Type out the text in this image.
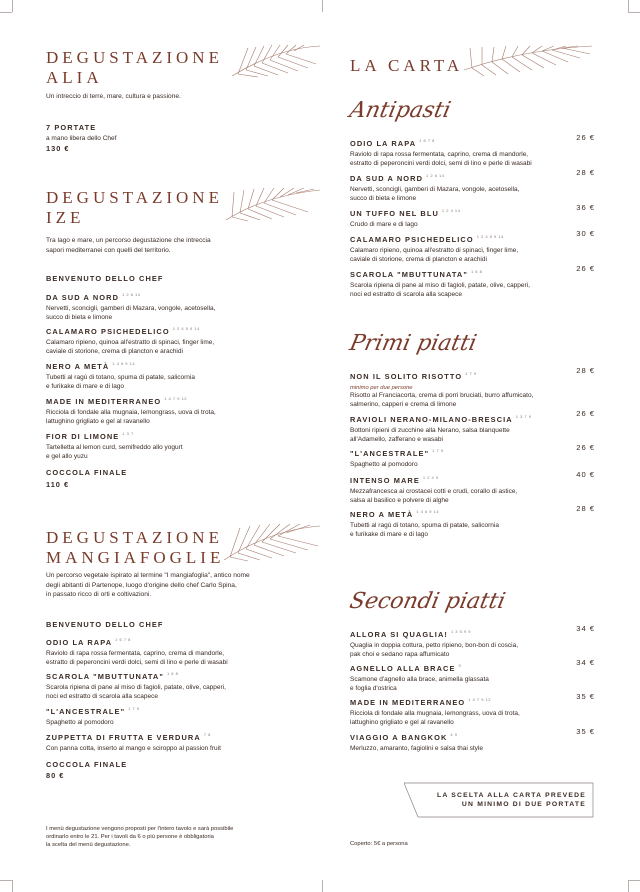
DEGUSTAZIONE
ALIA
Un intreccio di terre, mare, cultura e passione.
7 PORTATE
a mano libera dello Chef
130 €
DEGUSTAZIONE
IZE
Tra lago e mare, un percorso degustazione che intreccia
sapori mediterranei con quelli del territorio.
BENVENUTO DELLO CHEF
DA SUD A NORD $^{1 2 6 14}$
Nervetti, sconcigli, gamberi di Mazara, vongole, acetosella,
succo di bieta e limone
CALAMARO PSICHEDELICO $^{1 2 4 5 9 14}$
Calamaro ripieno, quinoa all'estratto di spinaci, finger lime,
caviale di storione, crema di plancton e arachidi
NERO A METÀ $^{1 4 6 9 14}$
Tubetti al ragù di totano, spuma di patate, salicornia
e furikake di mare e di lago
MADE IN MEDITERRANEO $^{1 4 7 9 12}$
Ricciola di fondale alla mugnaia, lemongrass, uova di trota,
lattughino grigliato e gel al ravanello
FIOR DI LIMONE $^{1 3 7}$
Tartelletta al lemon curd, semifreddo allo yogurt
e gel allo yuzu
COCCOLA FINALE
110 €
DEGUSTAZIONE
MANGIAFOGLIE
Un percorso vegetale ispirato al termine "I mangiafoglia", antico nome
degli abitanti di Partenope, luogo d'origine dello chef Carlo Spina,
in passato ricco di orti e coltivazioni.
BENVENUTO DELLO CHEF
ODIO LA RAPA $^{1 6 7 8}$
Raviolo di rapa rossa fermentata, caprino, crema di mandorle,
estratto di peperoncini verdi dolci, semi di lino e perle di wasabi
SCAROLA "MBUTTUNATA" $^{1 6 8}$
Scarola ripiena di pane al miso di fagioli, patate, olive, capperi,
noci ed estratto di scarola alla scapece
"L'ANCESTRALE" $^{1 7 9}$
Spaghetto al pomodoro
ZUPPETTA DI FRUTTA E VERDURA $^{7 8}$
Con panna cotta, inserto al mango e sciroppo al passion fruit
COCCOLA FINALE
80 €
I menù degustazione vengono proposti per l'intero tavolo e sarà possibile
ordinarlo entro le 21. Per i tavoli da 6 o più persone è obbligatoria
la scelta del menù degustazione.
LA CARTA
Antipasti
ODIO LA RAPA $^{1 6 7 8}$	26 €
Raviolo di rapa rossa fermentata, caprino, crema di mandorle,
estratto di peperoncini verdi dolci, semi di lino e perle di wasabi
DA SUD A NORD $^{1 2 6 14}$	28 €
Nervetti, sconcigli, gamberi di Mazara, vongole, acetosella,
succo di bieta e limone
UN TUFFO NEL BLU $^{1 2 4 14}$	36 €
Crudo di mare e di lago
CALAMARO PSICHEDELICO $^{1 2 4 5 9 14}$	30 €
Calamaro ripieno, quinoa all'estratto di spinaci, finger lime,
caviale di storione, crema di plancton e arachidi
SCAROLA "MBUTTUNATA" $^{1 6 8}$	26 €
Scarola ripiena di pane al miso di fagioli, patate, olive, capperi,
noci ed estratto di scarola alla scapece
Primi piatti
NON IL SOLITO RISOTTO $^{1 7 9}$	28 €
minimo per due persone
Risotto al Franciacorta, crema di porri bruciati, burro affumicato,
salmerino, capperi e crema di limone
RAVIOLI NERANO-MILANO-BRESCIA $^{1 3 7 9}$	26 €
Bottoni ripieni di zucchine alla Nerano, salsa blanquette
all'Adamello, zafferano e wasabi
"L'ANCESTRALE" $^{1 7 9}$	26 €
Spaghetto al pomodoro
INTENSO MARE $^{1 2 4 9}$	40 €
Mezzafrancesca ai crostacei cotti e crudi, corallo di astice,
salsa al basilico e polvere di alghe
NERO A METÀ $^{1 4 6 9 14}$	28 €
Tubetti al ragù di totano, spuma di patate, salicornia
e furikake di mare e di lago
Secondi piatti
ALLORA SI QUAGLIA! $^{1 3 5 9 9}$	34 €
Quaglia in doppia cottura, petto ripieno, bon-bon di coscia,
pak choi e sedano rapa affumicato
AGNELLO ALLA BRACE $^9$	34 €
Scamone d'agnello alla brace, animella glassata
e foglia d'ostrica
MADE IN MEDITERRANEO $^{1 4 7 9 12}$	35 €
Ricciola di fondale alla mugnaia, lemongrass, uova di trota,
lattughino grigliato e gel al ravanello
VIAGGIO A BANGKOK $^{4 9}$	35 €
Merluzzo, amaranto, fagiolini e salsa thai style
LA SCELTA ALLA CARTA PREVEDE
UN MINIMO DI DUE PORTATE
Coperto: 5€ a persona
